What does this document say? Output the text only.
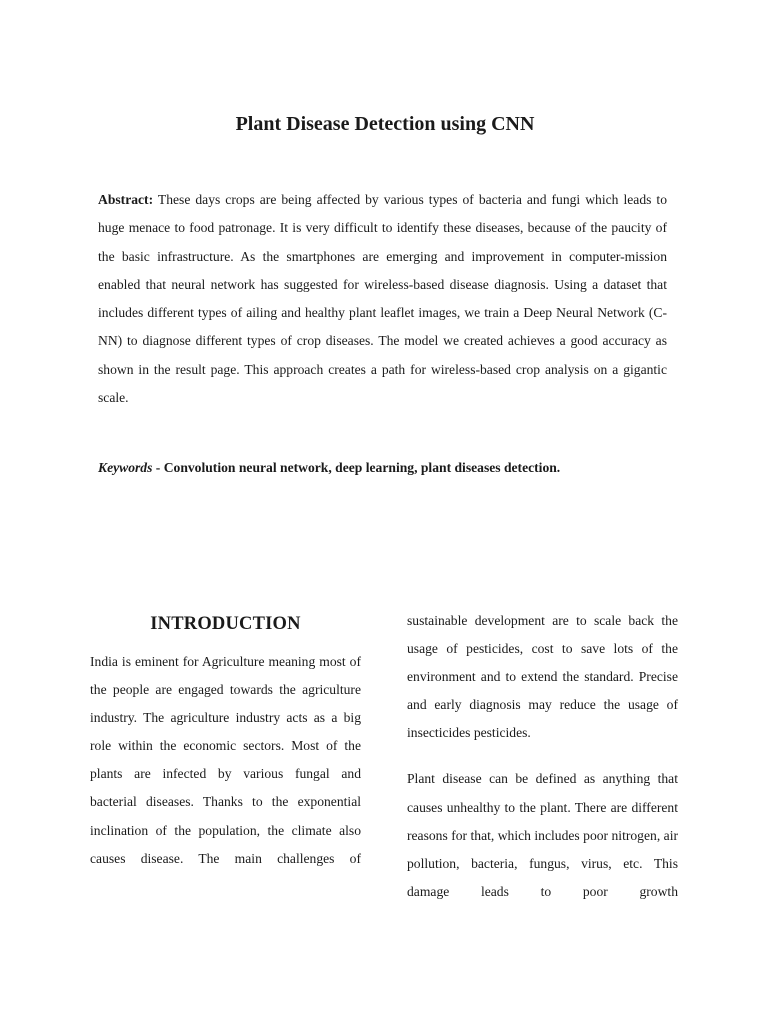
Plant Disease Detection using CNN

Abstract: These days crops are being affected by various types of bacteria and fungi which leads to huge menace to food patronage. It is very difficult to identify these diseases, because of the paucity of the basic infrastructure. As the smartphones are emerging and improvement in computer-mission enabled that neural network has suggested for wireless-based disease diagnosis. Using a dataset that includes different types of ailing and healthy plant leaflet images, we train a Deep Neural Network (C-NN) to diagnose different types of crop diseases. The model we created achieves a good accuracy as shown in the result page. This approach creates a path for wireless-based crop analysis on a gigantic scale.

Keywords - Convolution neural network, deep learning, plant diseases detection.

INTRODUCTION

India is eminent for Agriculture meaning most of the people are engaged towards the agriculture industry. The agriculture industry acts as a big role within the economic sectors. Most of the plants are infected by various fungal and bacterial diseases. Thanks to the exponential inclination of the population, the climate also causes disease. The main challenges of

sustainable development are to scale back the usage of pesticides, cost to save lots of the environment and to extend the standard. Precise and early diagnosis may reduce the usage of insecticides pesticides.

Plant disease can be defined as anything that causes unhealthy to the plant. There are different reasons for that, which includes poor nitrogen, air pollution, bacteria, fungus, virus, etc. This damage leads to poor growth
